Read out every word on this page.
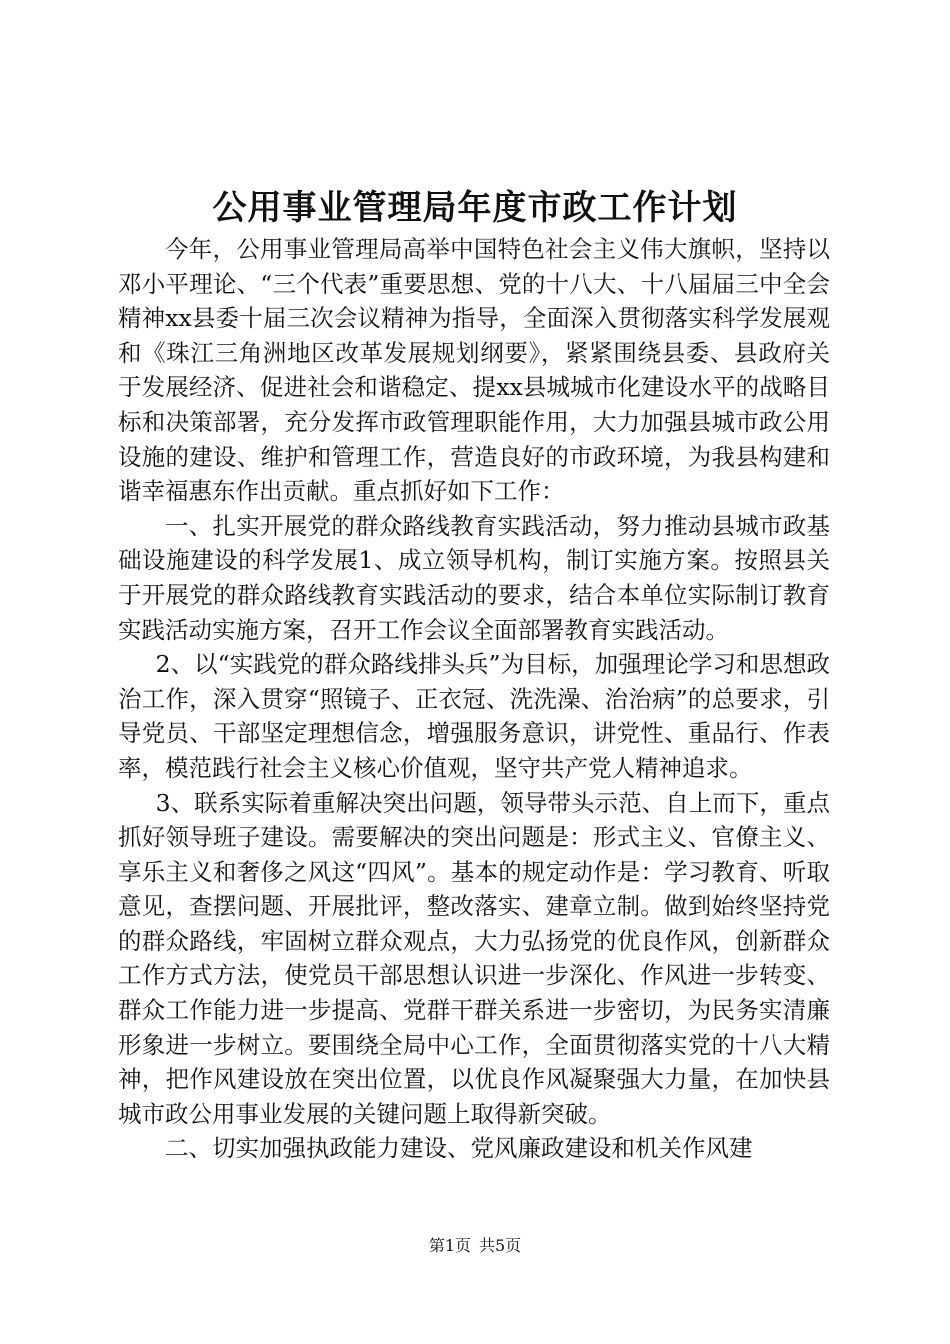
公用事业管理局年度市政工作计划

今年，公用事业管理局高举中国特色社会主义伟大旗帜，坚持以邓小平理论、“三个代表”重要思想、党的十八大、十八届届三中全会精神xx县委十届三次会议精神为指导，全面深入贯彻落实科学发展观和《珠江三角洲地区改革发展规划纲要》，紧紧围绕县委、县政府关于发展经济、促进社会和谐稳定、提xx县城城市化建设水平的战略目标和决策部署，充分发挥市政管理职能作用，大力加强县城市政公用设施的建设、维护和管理工作，营造良好的市政环境，为我县构建和谐幸福惠东作出贡献。重点抓好如下工作：

一、扎实开展党的群众路线教育实践活动，努力推动县城市政基础设施建设的科学发展1、成立领导机构，制订实施方案。按照县关于开展党的群众路线教育实践活动的要求，结合本单位实际制订教育实践活动实施方案，召开工作会议全面部署教育实践活动。

2、以“实践党的群众路线排头兵”为目标，加强理论学习和思想政治工作，深入贯穿“照镜子、正衣冠、洗洗澡、治治病”的总要求，引导党员、干部坚定理想信念，增强服务意识，讲党性、重品行、作表率，模范践行社会主义核心价值观，坚守共产党人精神追求。

3、联系实际着重解决突出问题，领导带头示范、自上而下，重点抓好领导班子建设。需要解决的突出问题是：形式主义、官僚主义、享乐主义和奢侈之风这“四风”。基本的规定动作是：学习教育、听取意见，查摆问题、开展批评，整改落实、建章立制。做到始终坚持党的群众路线，牢固树立群众观点，大力弘扬党的优良作风，创新群众工作方式方法，使党员干部思想认识进一步深化、作风进一步转变、群众工作能力进一步提高、党群干群关系进一步密切，为民务实清廉形象进一步树立。要围绕全局中心工作，全面贯彻落实党的十八大精神，把作风建设放在突出位置，以优良作风凝聚强大力量，在加快县城市政公用事业发展的关键问题上取得新突破。

二、切实加强执政能力建设、党风廉政建设和机关作风建

第1页 共5页
